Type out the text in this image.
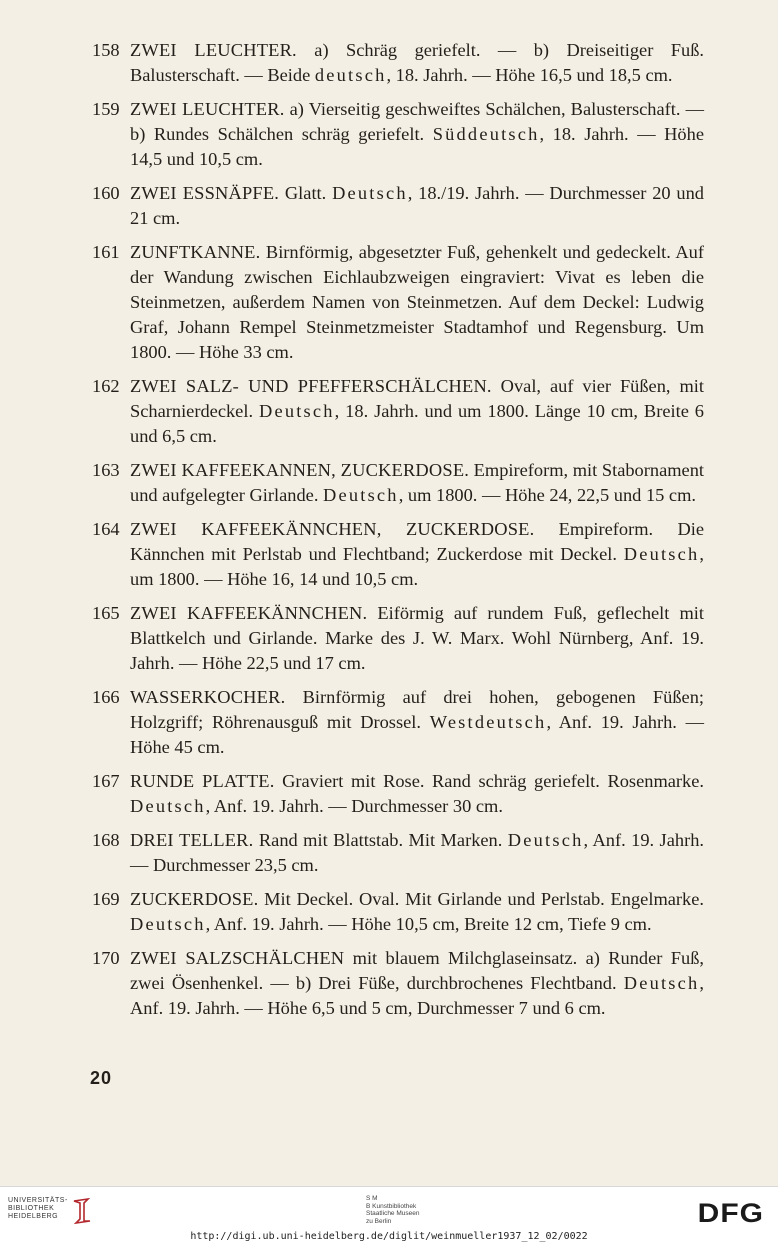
158 ZWEI LEUCHTER. a) Schräg geriefelt. — b) Dreiseitiger Fuß. Balusterschaft. — Beide deutsch, 18. Jahrh. — Höhe 16,5 und 18,5 cm.
159 ZWEI LEUCHTER. a) Vierseitig geschweiftes Schälchen, Balusterschaft. — b) Rundes Schälchen schräg geriefelt. Süddeutsch, 18. Jahrh. — Höhe 14,5 und 10,5 cm.
160 ZWEI ESSNÄPFE. Glatt. Deutsch, 18./19. Jahrh. — Durchmesser 20 und 21 cm.
161 ZUNFTKANNE. Birnförmig, abgesetzter Fuß, gehenkelt und gedeckelt. Auf der Wandung zwischen Eichlaubzweigen eingraviert: Vivat es leben die Steinmetzen, außerdem Namen von Steinmetzen. Auf dem Deckel: Ludwig Graf, Johann Rempel Steinmetzmeister Stadtamhof und Regensburg. Um 1800. — Höhe 33 cm.
162 ZWEI SALZ- UND PFEFFERSCHÄLCHEN. Oval, auf vier Füßen, mit Scharnierdeckel. Deutsch, 18. Jahrh. und um 1800. Länge 10 cm, Breite 6 und 6,5 cm.
163 ZWEI KAFFEEKANNEN, ZUCKERDOSE. Empireform, mit Stabornament und aufgelegter Girlande. Deutsch, um 1800. — Höhe 24, 22,5 und 15 cm.
164 ZWEI KAFFEEKÄNNCHEN, ZUCKERDOSE. Empireform. Die Kännchen mit Perlstab und Flechtband; Zuckerdose mit Deckel. Deutsch, um 1800. — Höhe 16, 14 und 10,5 cm.
165 ZWEI KAFFEEKÄNNCHEN. Eiförmig auf rundem Fuß, geflechelt mit Blattkelch und Girlande. Marke des J. W. Marx. Wohl Nürnberg, Anf. 19. Jahrh. — Höhe 22,5 und 17 cm.
166 WASSERKOCHER. Birnförmig auf drei hohen, gebogenen Füßen; Holzgriff; Röhrenausguß mit Drossel. Westdeutsch, Anf. 19. Jahrh. — Höhe 45 cm.
167 RUNDE PLATTE. Graviert mit Rose. Rand schräg geriefelt. Rosenmarke. Deutsch, Anf. 19. Jahrh. — Durchmesser 30 cm.
168 DREI TELLER. Rand mit Blattstab. Mit Marken. Deutsch, Anf. 19. Jahrh. — Durchmesser 23,5 cm.
169 ZUCKERDOSE. Mit Deckel. Oval. Mit Girlande und Perlstab. Engelmarke. Deutsch, Anf. 19. Jahrh. — Höhe 10,5 cm, Breite 12 cm, Tiefe 9 cm.
170 ZWEI SALZSCHÄLCHEN mit blauem Milchglaseinsatz. a) Runder Fuß, zwei Ösenhenkel. — b) Drei Füße, durchbrochenes Flechtband. Deutsch, Anf. 19. Jahrh. — Höhe 6,5 und 5 cm, Durchmesser 7 und 6 cm.
20
UNIVERSITÄTS-
BIBLIOTHEK
HEIDELBERG
S M
B Kunstbibliothek
Staatliche Museen
zu Berlin
http://digi.ub.uni-heidelberg.de/diglit/weinmueller1937_12_02/0022
DFG
